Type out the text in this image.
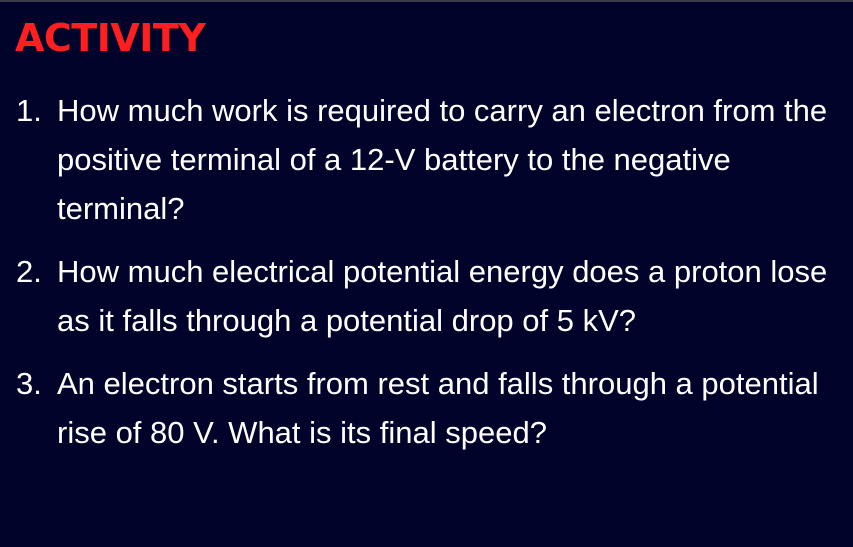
ACTIVITY
1. How much work is required to carry an electron from the positive terminal of a 12-V battery to the negative terminal?
2. How much electrical potential energy does a proton lose as it falls through a potential drop of 5 kV?
3. An electron starts from rest and falls through a potential rise of 80 V. What is its final speed?
